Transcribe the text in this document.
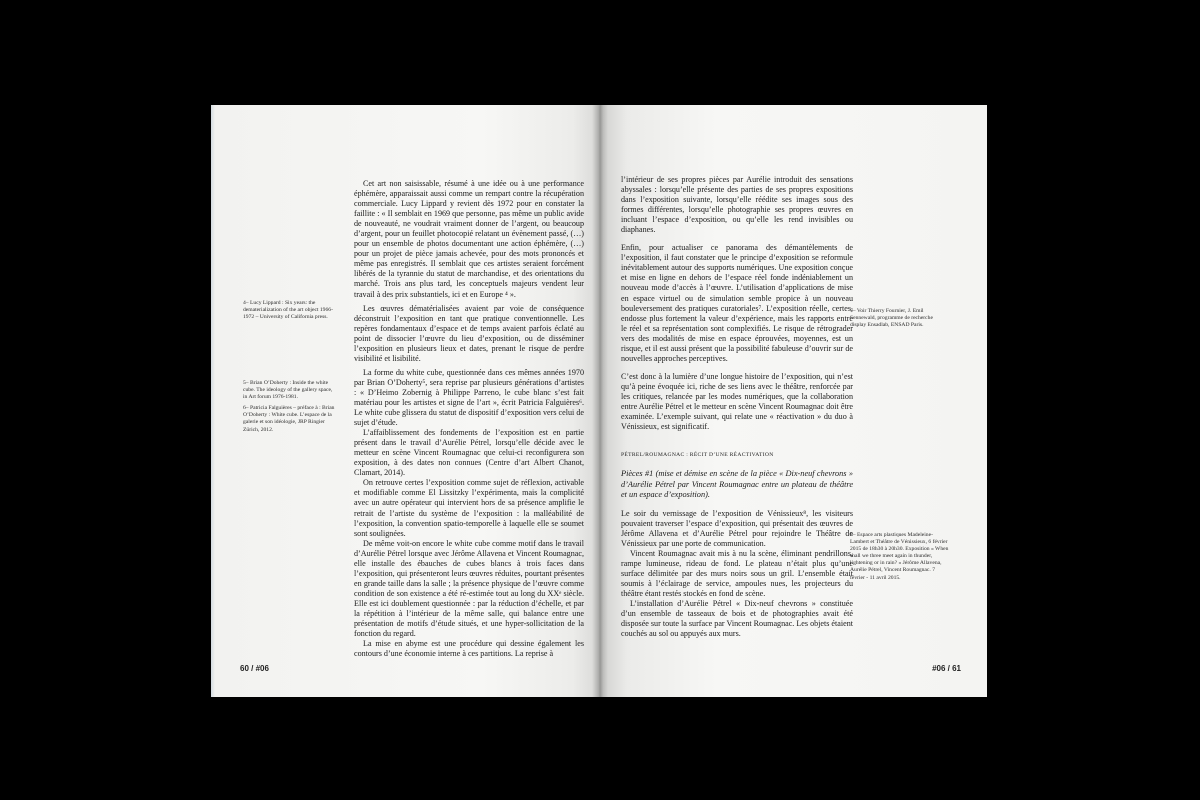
4– Lucy Lippard : Six years: the dematerialization of the art object 1966-1972 – University of California press.

5– Brian O’Doherty : Inside the white cube. The ideology of the gallery space, in Art forum 1976-1981.

6– Patricia Falguières – préface à : Brian O’Doherty : White cube. L’espace de la galerie et son idéologie, JRP Ringier Zürich, 2012.

Cet art non saisissable, résumé à une idée ou à une performance éphémère, apparaissait aussi comme un rempart contre la récupération commerciale. Lucy Lippard y revient dès 1972 pour en constater la faillite : « Il semblait en 1969 que personne, pas même un public avide de nouveauté, ne voudrait vraiment donner de l’argent, ou beaucoup d’argent, pour un feuillet photocopié relatant un évènement passé, (…) pour un ensemble de photos documentant une action éphémère, (…) pour un projet de pièce jamais achevée, pour des mots prononcés et même pas enregistrés. Il semblait que ces artistes seraient forcément libérés de la tyrannie du statut de marchandise, et des orientations du marché. Trois ans plus tard, les conceptuels majeurs vendent leur travail à des prix substantiels, ici et en Europe ⁴ ».

Les œuvres dématérialisées avaient par voie de conséquence déconstruit l’exposition en tant que pratique conventionnelle. Les repères fondamentaux d’espace et de temps avaient parfois éclaté au point de dissocier l’œuvre du lieu d’exposition, ou de disséminer l’exposition en plusieurs lieux et dates, prenant le risque de perdre visibilité et lisibilité.

La forme du white cube, questionnée dans ces mêmes années 1970 par Brian O’Doherty⁵, sera reprise par plusieurs générations d’artistes : « D’Heimo Zobernig à Philippe Parreno, le cube blanc s’est fait matériau pour les artistes et signe de l’art », écrit Patricia Falguières⁶. Le white cube glissera du statut de dispositif d’exposition vers celui de sujet d’étude.

L’affaiblissement des fondements de l’exposition est en partie présent dans le travail d’Aurélie Pétrel, lorsqu’elle décide avec le metteur en scène Vincent Roumagnac que celui-ci reconfigurera son exposition, à des dates non connues (Centre d’art Albert Chanot, Clamart, 2014).

On retrouve certes l’exposition comme sujet de réflexion, activable et modifiable comme El Lissitzky l’expérimenta, mais la complicité avec un autre opérateur qui intervient hors de sa présence amplifie le retrait de l’artiste du système de l’exposition : la malléabilité de l’exposition, la convention spatio-temporelle à laquelle elle se soumet sont soulignées.

De même voit-on encore le white cube comme motif dans le travail d’Aurélie Pétrel lorsque avec Jérôme Allavena et Vincent Roumagnac, elle installe des ébauches de cubes blancs à trois faces dans l’exposition, qui présenteront leurs œuvres réduites, pourtant présentes en grande taille dans la salle ; la présence physique de l’œuvre comme condition de son existence a été ré-estimée tout au long du XXᵉ siècle. Elle est ici doublement questionnée : par la réduction d’échelle, et par la répétition à l’intérieur de la même salle, qui balance entre une présentation de motifs d’étude situés, et une hyper-sollicitation de la fonction du regard.

La mise en abyme est une procédure qui dessine également les contours d’une économie interne à ces partitions. La reprise à

60 / #06

l’intérieur de ses propres pièces par Aurélie introduit des sensations abyssales : lorsqu’elle présente des parties de ses propres expositions dans l’exposition suivante, lorsqu’elle réédite ses images sous des formes différentes, lorsqu’elle photographie ses propres œuvres en incluant l’espace d’exposition, ou qu’elle les rend invisibles ou diaphanes.

Enfin, pour actualiser ce panorama des démantèlements de l’exposition, il faut constater que le principe d’exposition se reformule inévitablement autour des supports numériques. Une exposition conçue et mise en ligne en dehors de l’espace réel fonde indéniablement un nouveau mode d’accès à l’œuvre. L’utilisation d’applications de mise en espace virtuel ou de simulation semble propice à un nouveau bouleversement des pratiques curatoriales⁷. L’exposition réelle, certes, endosse plus fortement la valeur d’expérience, mais les rapports entre le réel et sa représentation sont complexifiés. Le risque de rétrograder vers des modalités de mise en espace éprouvées, moyennes, est un risque, et il est aussi présent que la possibilité fabuleuse d’ouvrir sur de nouvelles approches perceptives.

C’est donc à la lumière d’une longue histoire de l’exposition, qui n’est qu’à peine évoquée ici, riche de ses liens avec le théâtre, renforcée par les critiques, relancée par les modes numériques, que la collaboration entre Aurélie Pétrel et le metteur en scène Vincent Roumagnac doit être examinée. L’exemple suivant, qui relate une « réactivation » du duo à Vénissieux, est significatif.

PÉTREL/ROUMAGNAC : RÉCIT D’UNE RÉACTIVATION

Pièces #1 (mise et démise en scène de la pièce « Dix-neuf chevrons » d’Aurélie Pétrel par Vincent Roumagnac entre un plateau de théâtre et un espace d’exposition).

Le soir du vernissage de l’exposition de Vénissieux⁸, les visiteurs pouvaient traverser l’espace d’exposition, qui présentait des œuvres de Jérôme Allavena et d’Aurélie Pétrel pour rejoindre le Théâtre de Vénissieux par une porte de communication.

Vincent Roumagnac avait mis à nu la scène, éliminant pendrillons, rampe lumineuse, rideau de fond. Le plateau n’était plus qu’une surface délimitée par des murs noirs sous un gril. L’ensemble était soumis à l’éclairage de service, ampoules nues, les projecteurs du théâtre étant restés stockés en fond de scène.

L’installation d’Aurélie Pétrel « Dix-neuf chevrons » constituée d’un ensemble de tasseaux de bois et de photographies avait été disposée sur toute la surface par Vincent Roumagnac. Les objets étaient couchés au sol ou appuyés aux murs.

7– Voir Thierry Fournier, J. Emil Sennewald, programme de recherche display Ensadlab, ENSAD Paris.

8– Espace arts plastiques Madeleine-Lambert et Théâtre de Vénissieux, 6 février 2015 de 18h30 à 20h30. Exposition « When shall we three meet again in thunder, lightening or in rain? » Jérôme Allavena, Aurélie Pétrel, Vincent Roumagnac. 7 février - 11 avril 2015.

#06 / 61
